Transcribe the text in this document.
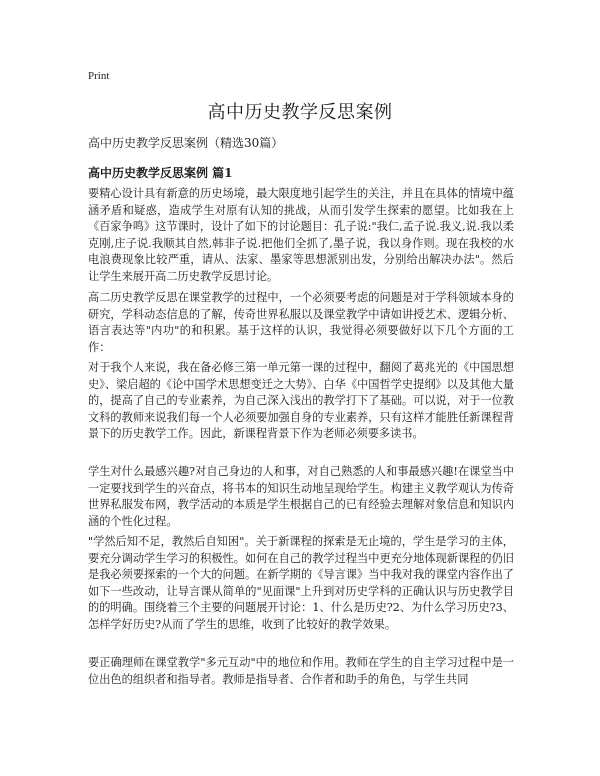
Print
高中历史教学反思案例

高中历史教学反思案例（精选30篇）

高中历史教学反思案例 篇1

要精心设计具有新意的历史场境，最大限度地引起学生的关注，并且在具体的情境中蕴涵矛盾和疑惑，造成学生对原有认知的挑战，从而引发学生探索的愿望。比如我在上《百家争鸣》这节课时，设计了如下的讨论题目：孔子说:"我仁,孟子说.我义,说.我以柔克刚,庄子说.我顺其自然,韩非子说.把他们全抓了,墨子说，我以身作则。现在我校的水电浪费现象比较严重，请从、法家、墨家等思想派别出发，分别给出解决办法"。然后让学生来展开高二历史教学反思讨论。

高二历史教学反思在课堂教学的过程中，一个必须要考虑的问题是对于学科领域本身的研究，学科动态信息的了解，传奇世界私服以及课堂教学中请如讲授艺术、逻辑分析、语言表达等"内功"的和积累。基于这样的认识，我觉得必须要做好以下几个方面的工作：

对于我个人来说，我在备必修三第一单元第一课的过程中，翻阅了葛兆光的《中国思想史》、梁启超的《论中国学术思想变迁之大势》、白华《中国哲学史提纲》以及其他大量的，提高了自己的专业素养，为自己深入浅出的教学打下了基础。可以说，对于一位教文科的教师来说我们每一个人必须要加强自身的专业素养，只有这样才能胜任新课程背景下的历史教学工作。因此，新课程背景下作为老师必须要多读书。

学生对什么最感兴趣?对自己身边的人和事，对自己熟悉的人和事最感兴趣!在课堂当中一定要找到学生的兴奋点，将书本的知识生动地呈现给学生。构建主义教学观认为传奇世界私服发布网，教学活动的本质是学生根据自己的已有经验去理解对象信息和知识内涵的个性化过程。

"学然后知不足，教然后自知困"。关于新课程的探索是无止境的，学生是学习的主体，要充分调动学生学习的积极性。如何在自己的教学过程当中更充分地体现新课程的仍旧是我必须要探索的一个大的问题。在新学期的《导言课》当中我对我的课堂内容作出了如下一些改动，让导言课从简单的"见面课"上升到对历史学科的正确认识与历史教学目的的明确。围绕着三个主要的问题展开讨论：1、什么是历史?2、为什么学习历史?3、怎样学好历史?从而了学生的思维，收到了比较好的教学效果。

要正确理师在课堂教学"多元互动"中的地位和作用。教师在学生的自主学习过程中是一位出色的组织者和指导者。教师是指导者、合作者和助手的角色，与学生共同
